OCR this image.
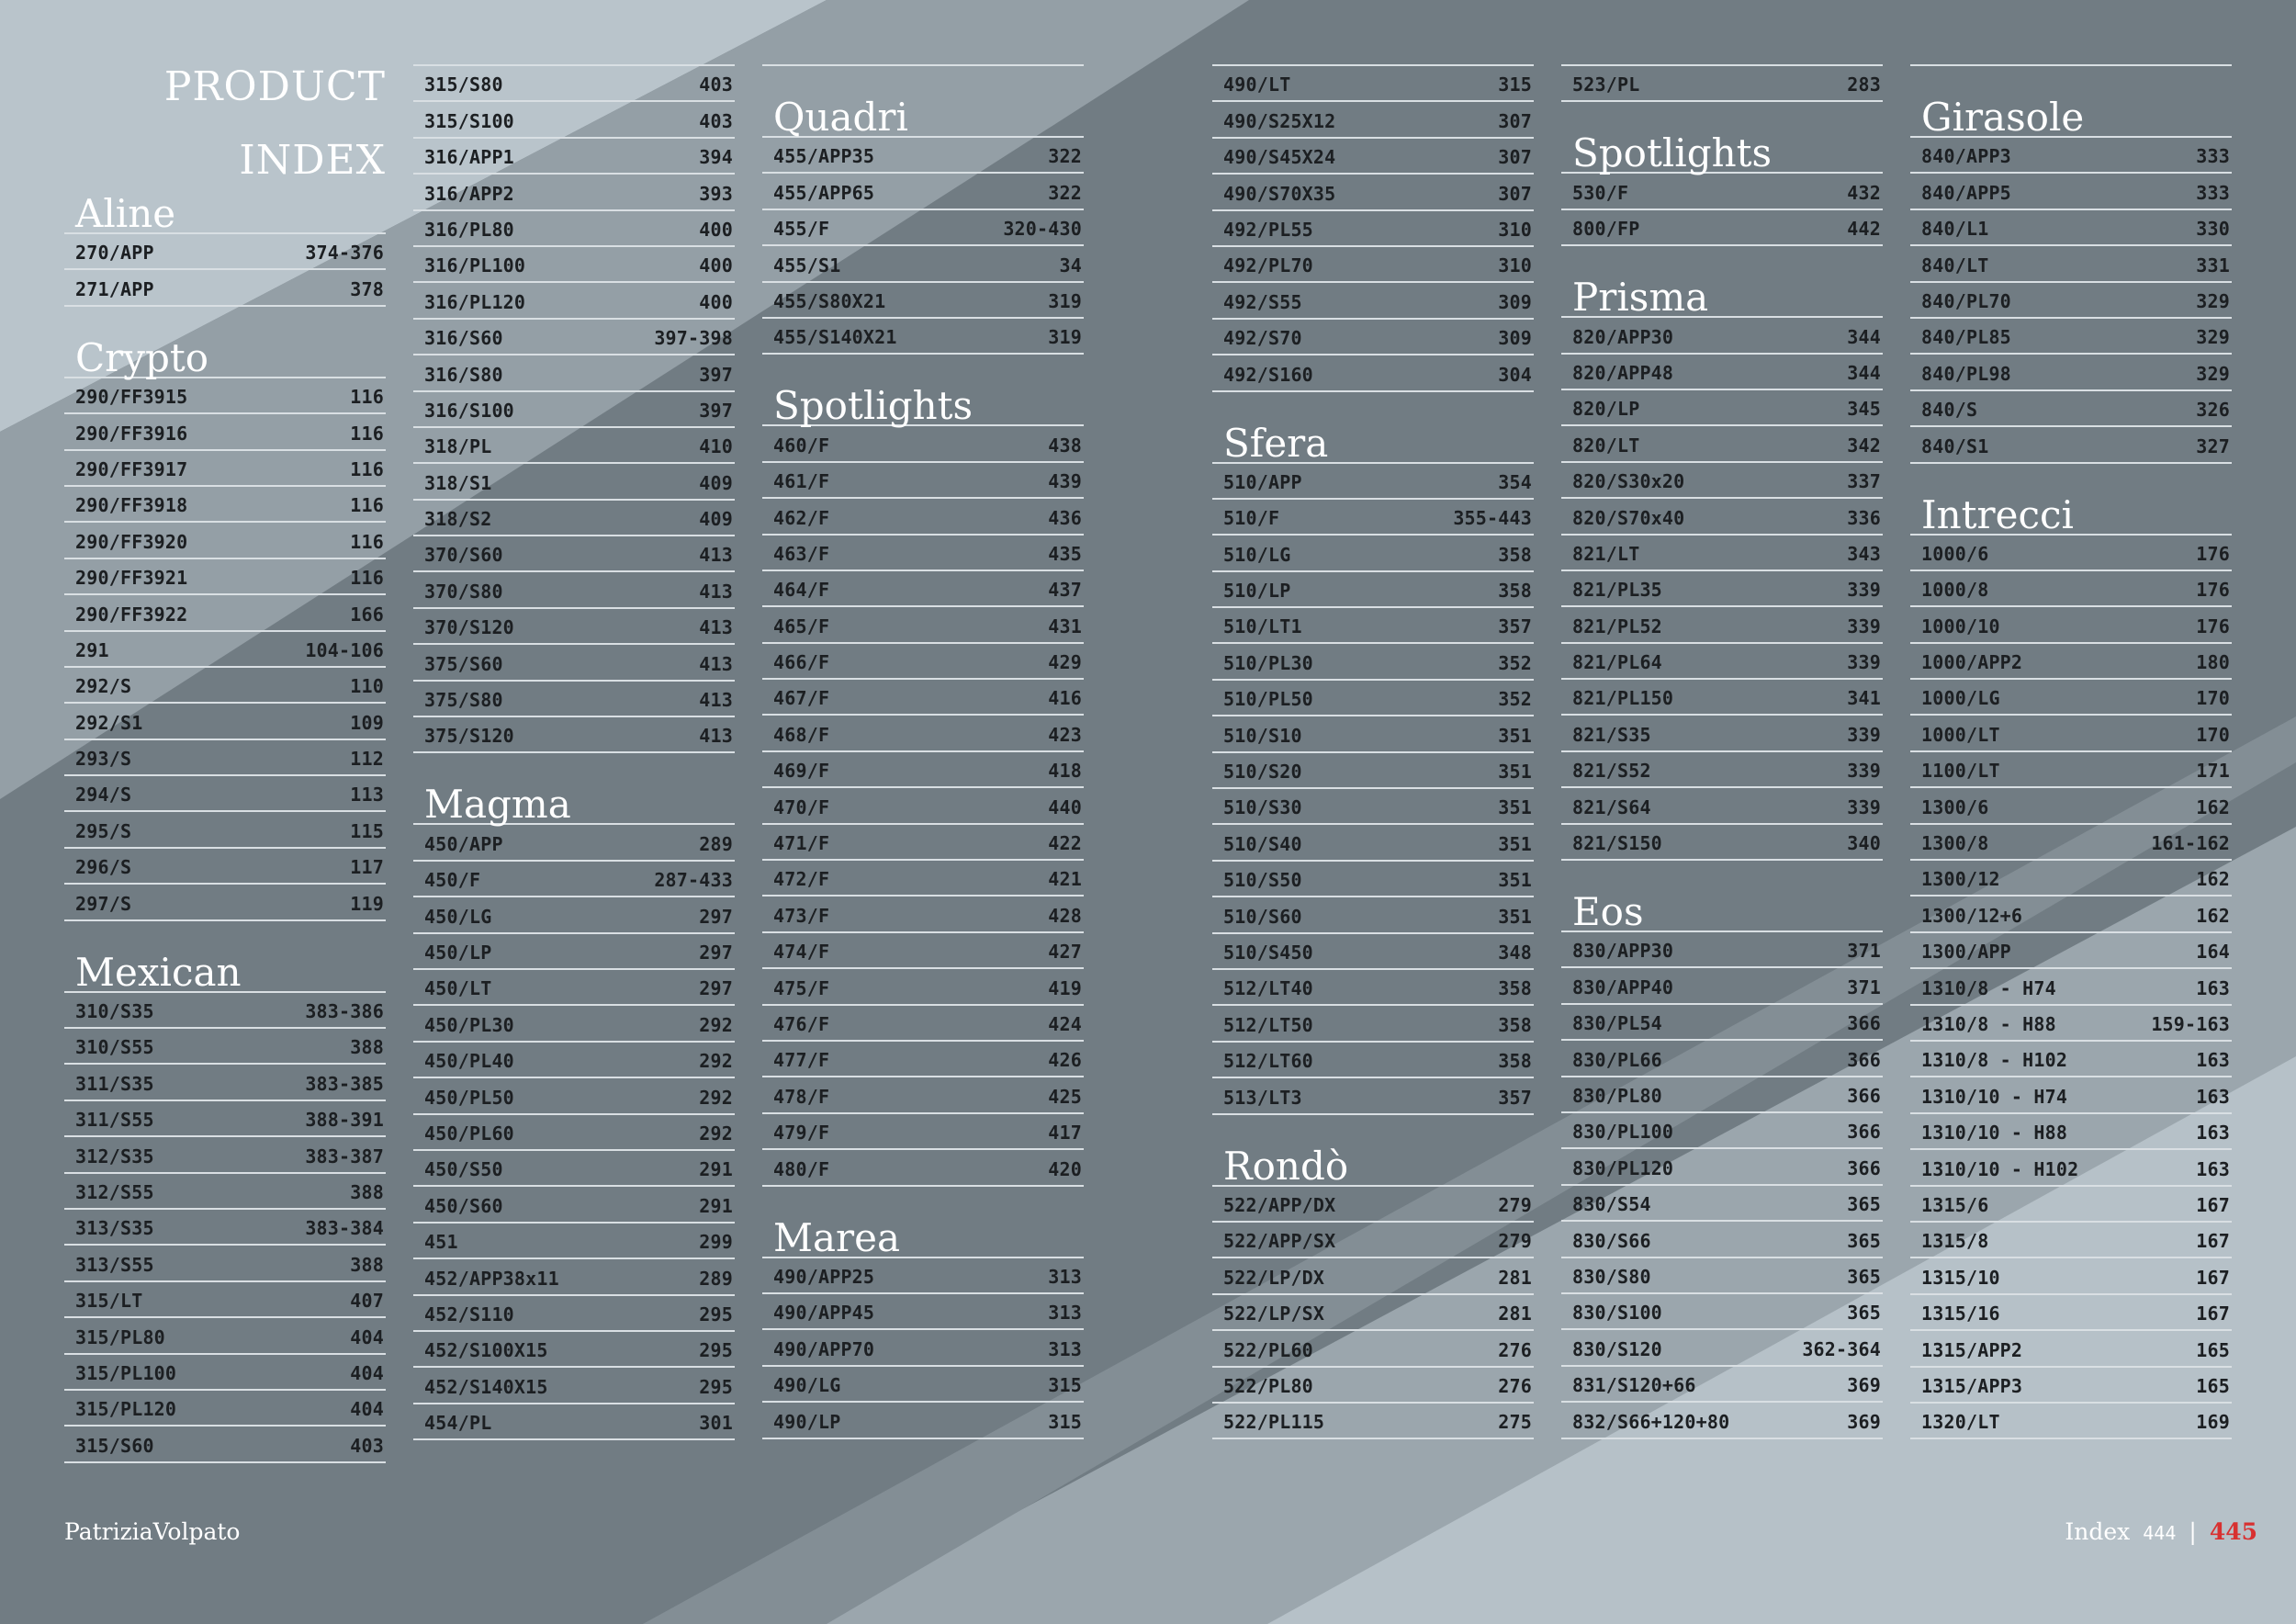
PRODUCT
INDEX
Aline
270/APP	374-376
271/APP	378
Crypto
290/FF3915	116
290/FF3916	116
290/FF3917	116
290/FF3918	116
290/FF3920	116
290/FF3921	116
290/FF3922	166
291	104-106
292/S	110
292/S1	109
293/S	112
294/S	113
295/S	115
296/S	117
297/S	119
Mexican
310/S35	383-386
310/S55	388
311/S35	383-385
311/S55	388-391
312/S35	383-387
312/S55	388
313/S35	383-384
313/S55	388
315/LT	407
315/PL80	404
315/PL100	404
315/PL120	404
315/S60	403
315/S80	403
315/S100	403
316/APP1	394
316/APP2	393
316/PL80	400
316/PL100	400
316/PL120	400
316/S60	397-398
316/S80	397
316/S100	397
318/PL	410
318/S1	409
318/S2	409
370/S60	413
370/S80	413
370/S120	413
375/S60	413
375/S80	413
375/S120	413
Magma
450/APP	289
450/F	287-433
450/LG	297
450/LP	297
450/LT	297
450/PL30	292
450/PL40	292
450/PL50	292
450/PL60	292
450/S50	291
450/S60	291
451	299
452/APP38x11	289
452/S110	295
452/S100X15	295
452/S140X15	295
454/PL	301
Quadri
455/APP35	322
455/APP65	322
455/F	320-430
455/S1	34
455/S80X21	319
455/S140X21	319
Spotlights
460/F	438
461/F	439
462/F	436
463/F	435
464/F	437
465/F	431
466/F	429
467/F	416
468/F	423
469/F	418
470/F	440
471/F	422
472/F	421
473/F	428
474/F	427
475/F	419
476/F	424
477/F	426
478/F	425
479/F	417
480/F	420
Marea
490/APP25	313
490/APP45	313
490/APP70	313
490/LG	315
490/LP	315
490/LT	315
490/S25X12	307
490/S45X24	307
490/S70X35	307
492/PL55	310
492/PL70	310
492/S55	309
492/S70	309
492/S160	304
Sfera
510/APP	354
510/F	355-443
510/LG	358
510/LP	358
510/LT1	357
510/PL30	352
510/PL50	352
510/S10	351
510/S20	351
510/S30	351
510/S40	351
510/S50	351
510/S60	351
510/S450	348
512/LT40	358
512/LT50	358
512/LT60	358
513/LT3	357
Rondò
522/APP/DX	279
522/APP/SX	279
522/LP/DX	281
522/LP/SX	281
522/PL60	276
522/PL80	276
522/PL115	275
523/PL	283
Spotlights
530/F	432
800/FP	442
Prisma
820/APP30	344
820/APP48	344
820/LP	345
820/LT	342
820/S30x20	337
820/S70x40	336
821/LT	343
821/PL35	339
821/PL52	339
821/PL64	339
821/PL150	341
821/S35	339
821/S52	339
821/S64	339
821/S150	340
Eos
830/APP30	371
830/APP40	371
830/PL54	366
830/PL66	366
830/PL80	366
830/PL100	366
830/PL120	366
830/S54	365
830/S66	365
830/S80	365
830/S100	365
830/S120	362-364
831/S120+66	369
832/S66+120+80	369
Girasole
840/APP3	333
840/APP5	333
840/L1	330
840/LT	331
840/PL70	329
840/PL85	329
840/PL98	329
840/S	326
840/S1	327
Intrecci
1000/6	176
1000/8	176
1000/10	176
1000/APP2	180
1000/LG	170
1000/LT	170
1100/LT	171
1300/6	162
1300/8	161-162
1300/12	162
1300/12+6	162
1300/APP	164
1310/8 - H74	163
1310/8 - H88	159-163
1310/8 - H102	163
1310/10 - H74	163
1310/10 - H88	163
1310/10 - H102	163
1315/6	167
1315/8	167
1315/10	167
1315/16	167
1315/APP2	165
1315/APP3	165
1320/LT	169
PatriziaVolpato	Index 444 | 445
